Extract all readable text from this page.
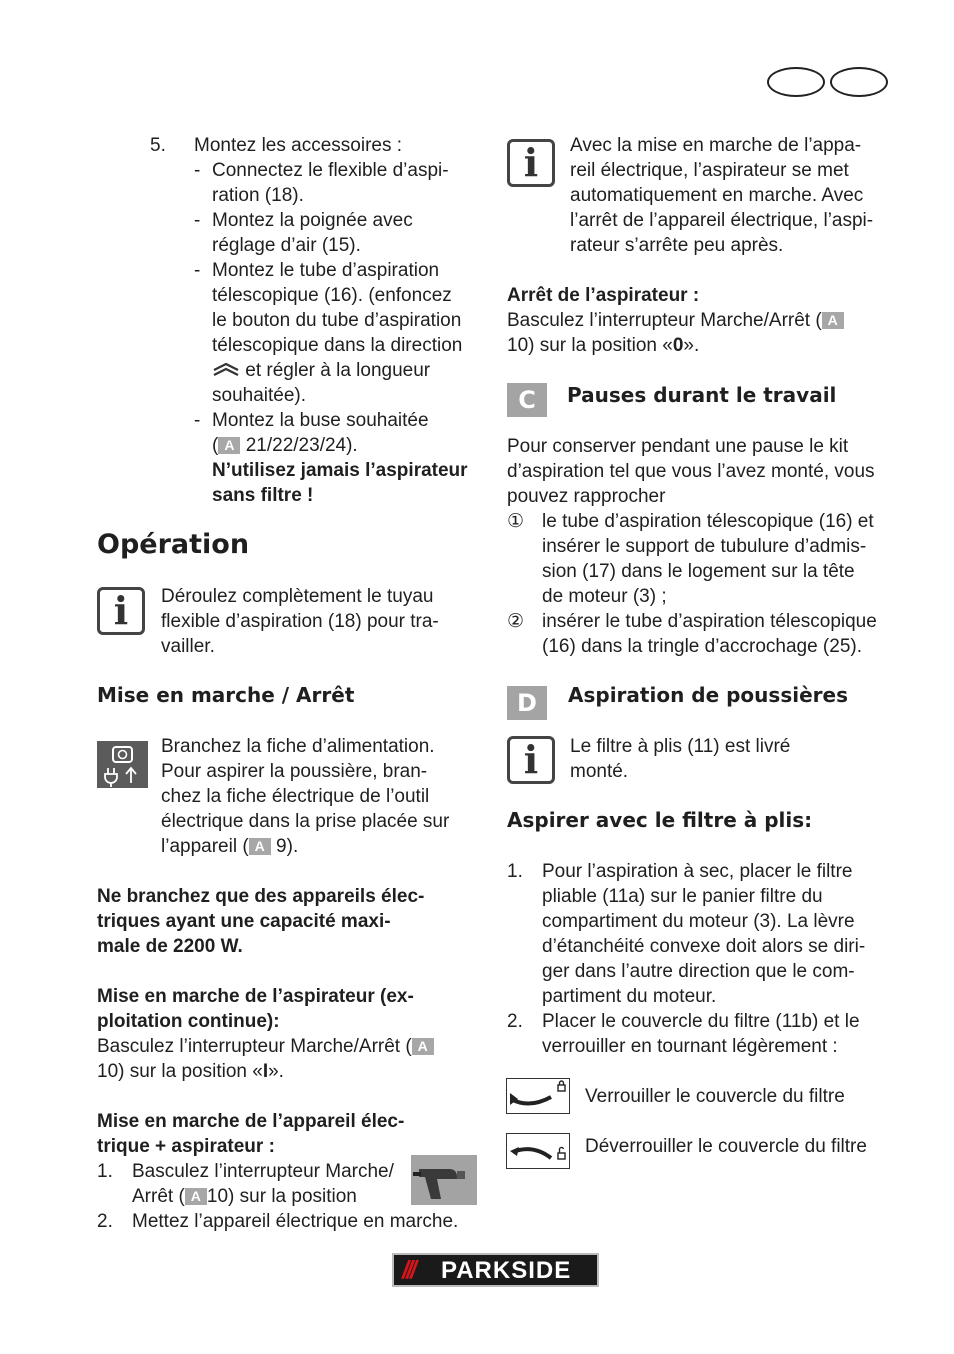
5. Montez les accessoires :
- Connectez le flexible d’aspi-
ration (18).
- Montez la poignée avec
réglage d’air (15).
- Montez le tube d’aspiration
télescopique (16). (enfoncez
le bouton du tube d’aspiration
télescopique dans la direction
et régler à la longueur
souhaitée).
- Montez la buse souhaitée
( A 21/22/23/24).
N’utilisez jamais l’aspirateur
sans filtre !
Opération
i	Déroulez complètement le tuyau
flexible d’aspiration (18) pour tra-
vailler.
Mise en marche / Arrêt
Branchez la fiche d’alimentation.
Pour aspirer la poussière, bran-
chez la fiche électrique de l’outil
électrique dans la prise placée sur
l’appareil ( A 9).
Ne branchez que des appareils élec-
triques ayant une capacité maxi-
male de 2200 W.
Mise en marche de l’aspirateur (ex-
ploitation continue):
Basculez l’interrupteur Marche/Arrêt ( A
10) sur la position «I».
Mise en marche de l’appareil élec-
trique + aspirateur :
1. Basculez l’interrupteur Marche/
Arrêt ( A 10) sur la position
2. Mettez l’appareil électrique en marche.
i	Avec la mise en marche de l’appa-
reil électrique, l’aspirateur se met
automatiquement en marche. Avec
l’arrêt de l’appareil électrique, l’aspi-
rateur s’arrête peu après.
Arrêt de l’aspirateur :
Basculez l’interrupteur Marche/Arrêt ( A
10) sur la position «0».
C	Pauses durant le travail
Pour conserver pendant une pause le kit
d’aspiration tel que vous l’avez monté, vous
pouvez rapprocher
① le tube d’aspiration télescopique (16) et
insérer le support de tubulure d’admis-
sion (17) dans le logement sur la tête
de moteur (3) ;
② insérer le tube d’aspiration télescopique
(16) dans la tringle d’accrochage (25).
D	Aspiration de poussières
i	Le filtre à plis (11) est livré
monté.
Aspirer avec le filtre à plis:
1. Pour l’aspiration à sec, placer le filtre
pliable (11a) sur le panier filtre du
compartiment du moteur (3). La lèvre
d’étanchéité convexe doit alors se diri-
ger dans l’autre direction que le com-
partiment du moteur.
2. Placer le couvercle du filtre (11b) et le
verrouiller en tournant légèrement :
Verrouiller le couvercle du filtre
Déverrouiller le couvercle du filtre
/// PARKSIDE
